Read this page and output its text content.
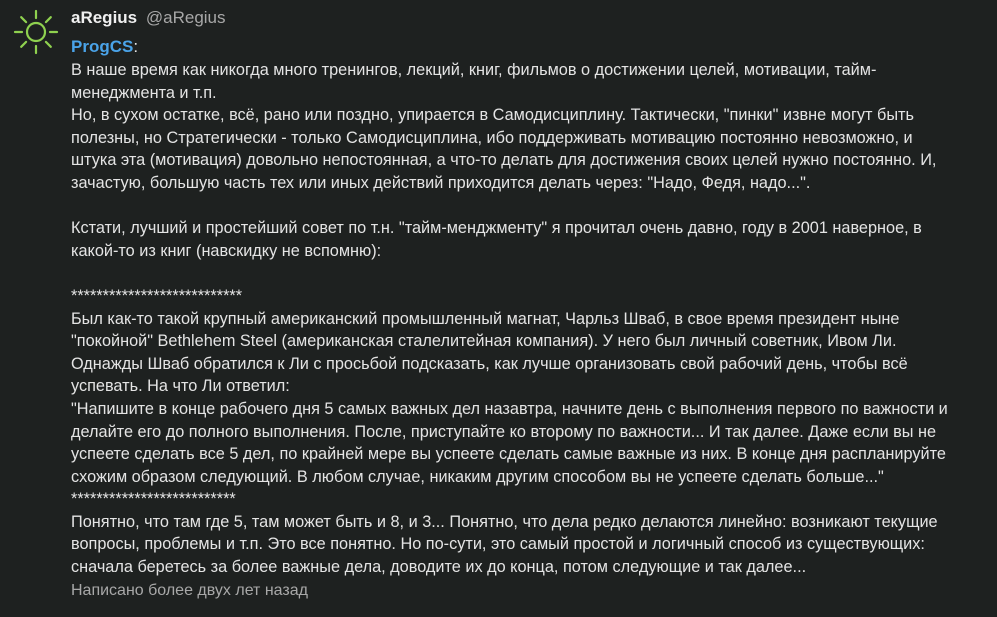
aRegius @aRegius
ProgCS:

В наше время как никогда много тренингов, лекций, книг, фильмов о достижении целей, мотивации, тайм-

менеджмента и т.п.

Но, в сухом остатке, всё, рано или поздно, упирается в Самодисциплину. Тактически, "пинки" извне могут быть

полезны, но Стратегически - только Самодисциплина, ибо поддерживать мотивацию постоянно невозможно, и

штука эта (мотивация) довольно непостоянная, а что-то делать для достижения своих целей нужно постоянно. И,

зачастую, большую часть тех или иных действий приходится делать через: "Надо, Федя, надо...".

Кстати, лучший и простейший совет по т.н. "тайм-менджменту" я прочитал очень давно, году в 2001 наверное, в

какой-то из книг (навскидку не вспомню):

***************************

Был как-то такой крупный американский промышленный магнат, Чарльз Шваб, в свое время президент ныне

"покойной" Bethlehem Steel (американская сталелитейная компания). У него был личный советник, Ивом Ли.

Однажды Шваб обратился к Ли с просьбой подсказать, как лучше организовать свой рабочий день, чтобы всё

успевать. На что Ли ответил:

"Напишите в конце рабочего дня 5 самых важных дел назавтра, начните день с выполнения первого по важности и

делайте его до полного выполнения. После, приступайте ко второму по важности... И так далее. Даже если вы не

успеете сделать все 5 дел, по крайней мере вы успеете сделать самые важные из них. В конце дня распланируйте

схожим образом следующий. В любом случае, никаким другим способом вы не успеете сделать больше..."

**************************

Понятно, что там где 5, там может быть и 8, и 3... Понятно, что дела редко делаются линейно: возникают текущие

вопросы, проблемы и т.п. Это все понятно. Но по-сути, это самый простой и логичный способ из существующих:

сначала беретесь за более важные дела, доводите их до конца, потом следующие и так далее...

Написано более двух лет назад
